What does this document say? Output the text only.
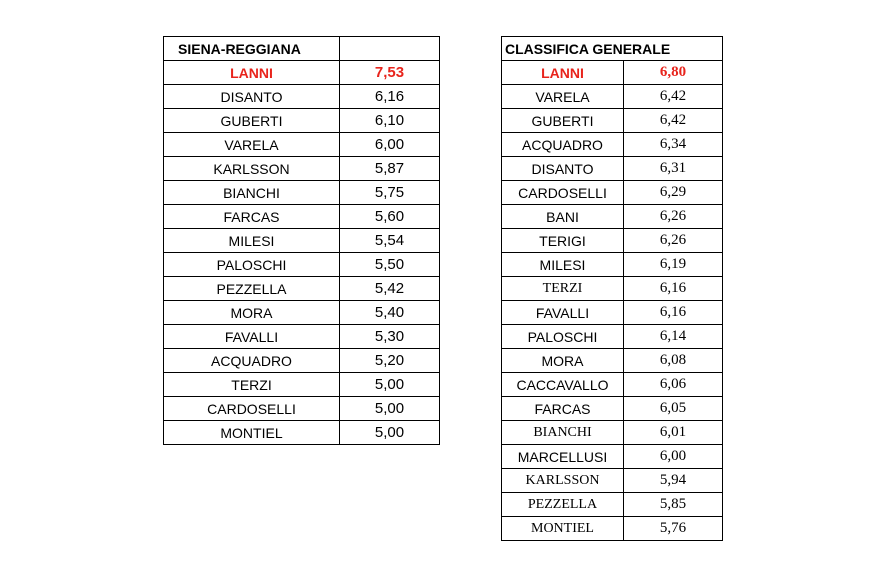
SIENA-REGGIANA	
LANNI	7,53
DISANTO	6,16
GUBERTI	6,10
VARELA	6,00
KARLSSON	5,87
BIANCHI	5,75
FARCAS	5,60
MILESI	5,54
PALOSCHI	5,50
PEZZELLA	5,42
MORA	5,40
FAVALLI	5,30
ACQUADRO	5,20
TERZI	5,00
CARDOSELLI	5,00
MONTIEL	5,00
CLASSIFICA GENERALE	
LANNI	6,80
VARELA	6,42
GUBERTI	6,42
ACQUADRO	6,34
DISANTO	6,31
CARDOSELLI	6,29
BANI	6,26
TERIGI	6,26
MILESI	6,19
TERZI	6,16
FAVALLI	6,16
PALOSCHI	6,14
MORA	6,08
CACCAVALLO	6,06
FARCAS	6,05
BIANCHI	6,01
MARCELLUSI	6,00
KARLSSON	5,94
PEZZELLA	5,85
MONTIEL	5,76
